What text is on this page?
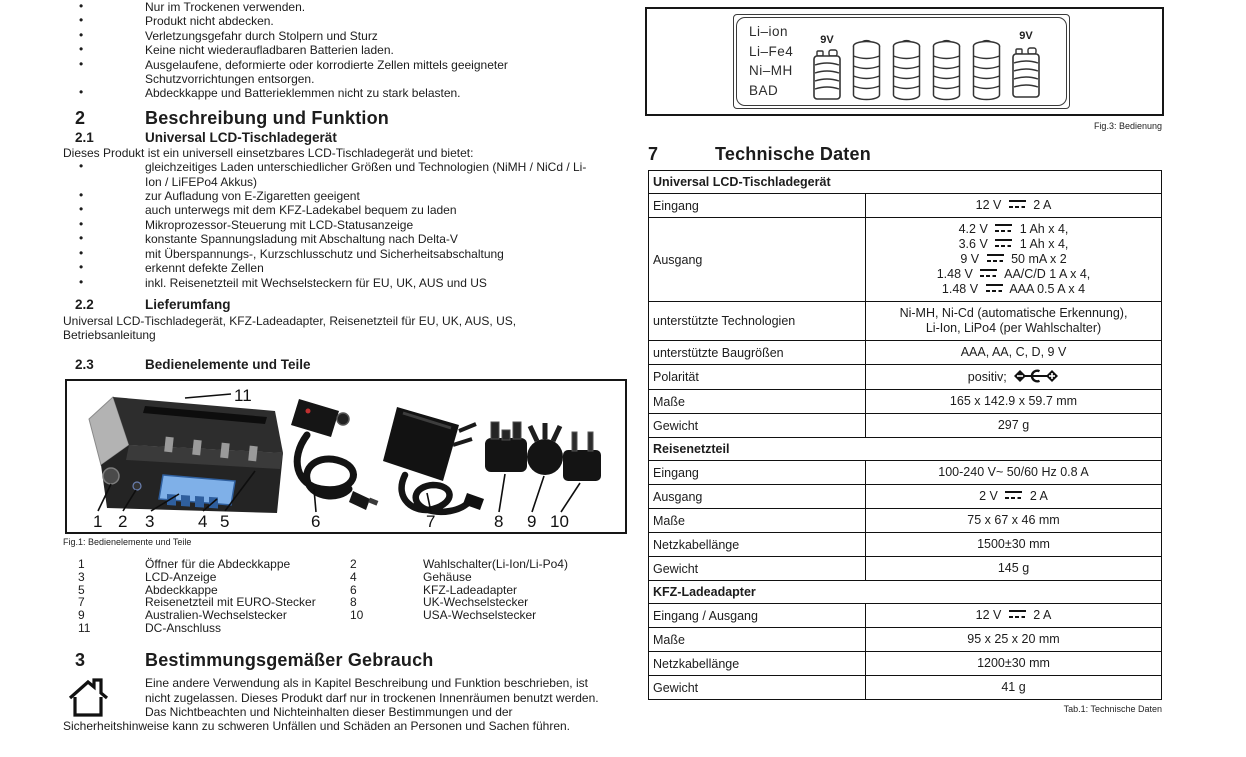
• Nur im Trockenen verwenden.
• Produkt nicht abdecken.
• Verletzungsgefahr durch Stolpern und Sturz
• Keine nicht wiederaufladbaren Batterien laden.
• Ausgelaufene, deformierte oder korrodierte Zellen mittels geeigneter Schutzvorrichtungen entsorgen.
• Abdeckkappe und Batterieklemmen nicht zu stark belasten.
2	Beschreibung und Funktion
2.1	Universal LCD-Tischladegerät

Dieses Produkt ist ein universell einsetzbares LCD-Tischladegerät und bietet:

• gleichzeitiges Laden unterschiedlicher Größen und Technologien (NiMH / NiCd / Li-Ion / LiFEPo4 Akkus)
• zur Aufladung von E-Zigaretten geeigent
• auch unterwegs mit dem KFZ-Ladekabel bequem zu laden
• Mikroprozessor-Steuerung mit LCD-Statusanzeige
• konstante Spannungsladung mit Abschaltung nach Delta-V
• mit Überspannungs-, Kurzschlusschutz und Sicherheitsabschaltung
• erkennt defekte Zellen
• inkl. Reisenetzteil mit Wechselsteckern für EU, UK, AUS und US
2.2	Lieferumfang

Universal LCD-Tischladegerät, KFZ-Ladeadapter, Reisenetzteil für EU, UK, AUS, US, Betriebsanleitung

2.3	Bedienelemente und Teile
1 2 3	4 5	6	7	8 9 10
11
Fig.1: Bedienelemente und Teile
1	Öffner für die Abdeckkappe	2	Wahlschalter(Li-Ion/Li-Po4)
3	LCD-Anzeige	4	Gehäuse
5	Abdeckkappe	6	KFZ-Ladeadapter
7	Reisenetzteil mit EURO-Stecker	8	UK-Wechselstecker
9	Australien-Wechselstecker	10	USA-Wechselstecker
11	DC-Anschluss
3	Bestimmungsgemäßer Gebrauch

Eine andere Verwendung als in Kapitel Beschreibung und Funktion beschrieben, ist nicht zugelassen. Dieses Produkt darf nur in trockenen Innenräumen benutzt werden. Das Nichtbeachten und Nichteinhalten dieser Bestimmungen und der Sicherheitshinweise kann zu schweren Unfällen und Schäden an Personen und Sachen führen.

Li–ion
Li–Fe4
Ni–MH
BAD
9V	9V
Fig.3: Bedienung
7	Technische Daten
Universal LCD-Tischladegerät	
Eingang	12 V  2 A

Ausgang	4.2 V  1 Ah x 4,
3.6 V  1 Ah x 4,
9 V  50 mA x 2
1.48 V  AA/C/D 1 A x 4,
1.48 V  AAA 0.5 A x 4

unterstützte Technologien	Ni-MH, Ni-Cd (automatische Erkennung),
Li-Ion, LiPo4 (per Wahlschalter)

unterstützte Baugrößen	AAA, AA, C, D, 9 V

Polarität	positiv;

Maße	165 x 142.9 x 59.7 mm

Gewicht	297 g

Reisenetzteil	
Eingang	100-240 V~ 50/60 Hz 0.8 A

Ausgang	2 V  2 A

Maße	75 x 67 x 46 mm

Netzkabellänge	1500±30 mm

Gewicht	145 g

KFZ-Ladeadapter	
Eingang / Ausgang	12 V  2 A

Maße	95 x 25 x 20 mm

Netzkabellänge	1200±30 mm

Gewicht	41 g
Tab.1: Technische Daten
